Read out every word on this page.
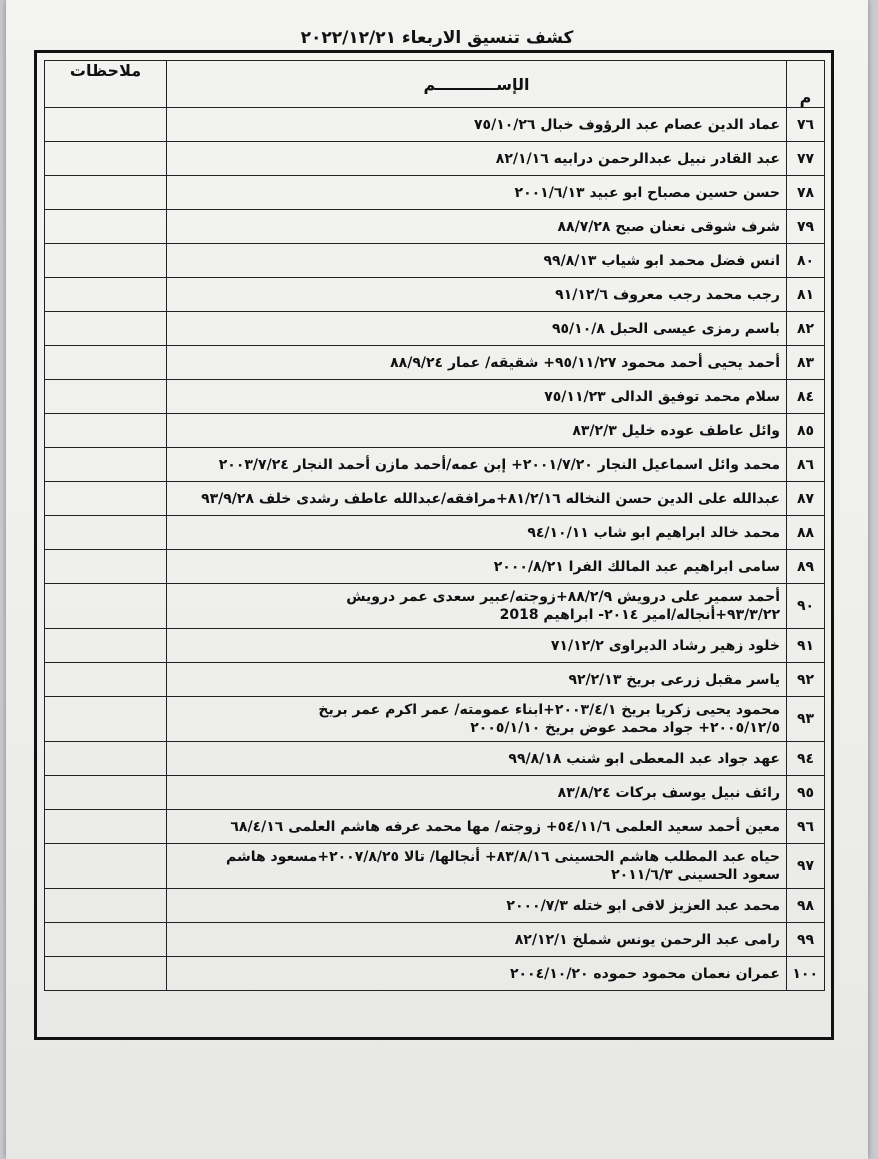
كشف تنسيق الاربعاء ٢٠٢٢/١٢/٢١
م	الإســـــــــــم	ملاحظات
٧٦	عماد الدين عصام عبد الرؤوف خبال ٧٥/١٠/٢٦	

٧٧	عبد القادر نبيل عبدالرحمن درابيه ٨٢/١/١٦	

٧٨	حسن حسين مصباح ابو عبيد ٢٠٠١/٦/١٣	

٧٩	شرف شوقى نعنان صبح ٨٨/٧/٢٨	

٨٠	انس فضل محمد ابو شياب ٩٩/٨/١٣	

٨١	رجب محمد رجب معروف ٩١/١٢/٦	

٨٢	باسم رمزى عيسى الحبل ٩٥/١٠/٨	

٨٣	أحمد يحيى أحمد محمود ٩٥/١١/٢٧+ شقيقه/ عمار ٨٨/٩/٢٤	

٨٤	سلام محمد توفيق الدالى ٧٥/١١/٢٣	

٨٥	وائل عاطف عوده خليل ٨٣/٢/٣	

٨٦	محمد وائل اسماعيل النجار ٢٠٠١/٧/٢٠+ إبن عمه/أحمد مازن أحمد النجار ٢٠٠٣/٧/٢٤	

٨٧	عبدالله على الدين حسن النخاله ٨١/٢/١٦+مرافقه/عبدالله عاطف رشدى خلف ٩٣/٩/٢٨	

٨٨	محمد خالد ابراهيم ابو شاب ٩٤/١٠/١١	

٨٩	سامى ابراهيم عبد المالك الفرا ٢٠٠٠/٨/٢١	

٩٠	أحمد سمير على درويش ٨٨/٢/٩+زوجته/عبير سعدى عمر درويش
٩٣/٣/٢٢+أنجاله/امير ٢٠١٤- ابراهيم 2018	

٩١	خلود زهير رشاد الديراوى ٧١/١٢/٢	

٩٢	ياسر مقبل زرعى بريخ ٩٢/٢/١٣	

٩٣	محمود يحيى زكريا بريخ ٢٠٠٣/٤/١+ابناء عمومته/ عمر اكرم عمر بريخ
٢٠٠٥/١٢/٥+ جواد محمد عوض بريخ ٢٠٠٥/١/١٠	

٩٤	عهد جواد عبد المعطى ابو شنب ٩٩/٨/١٨	

٩٥	رائف نبيل يوسف بركات ٨٣/٨/٢٤	

٩٦	معين أحمد سعيد العلمى ٥٤/١١/٦+ زوجته/ مها محمد عرفه هاشم العلمى ٦٨/٤/١٦	

٩٧	حياه عبد المطلب هاشم الحسينى ٨٣/٨/١٦+ أنجالها/ تالا ٢٠٠٧/٨/٢٥+مسعود هاشم
سعود الحسينى ٢٠١١/٦/٣	

٩٨	محمد عبد العزيز لافى ابو ختله ٢٠٠٠/٧/٣	

٩٩	رامى عبد الرحمن يونس شملخ ٨٢/١٢/١	

١٠٠	عمران نعمان محمود حموده ٢٠٠٤/١٠/٢٠	
